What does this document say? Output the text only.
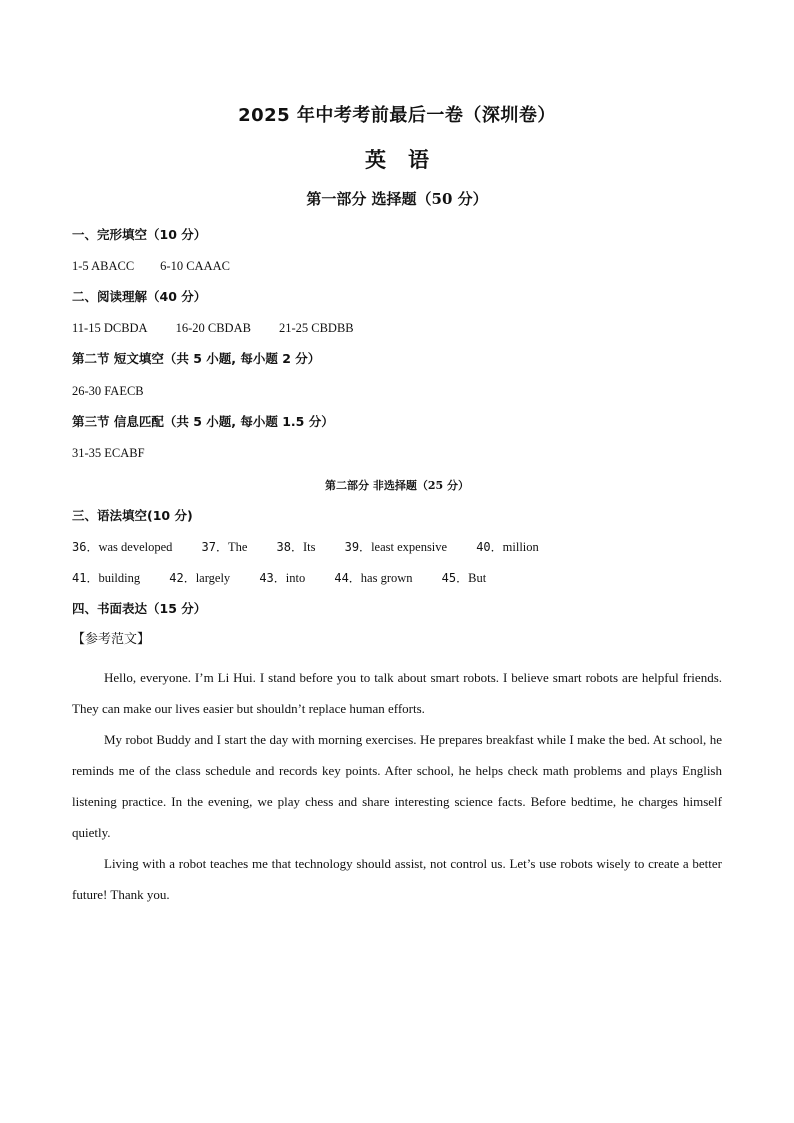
2025 年中考考前最后一卷（深圳卷）
英语
第一部分 选择题（50 分）
一、完形填空（10 分）
1-5 ABACC 6-10 CAAAC
二、阅读理解（40 分）
11-15 DCBDA 16-20 CBDAB 21-25 CBDBB
第二节 短文填空（共 5 小题, 每小题 2 分）
26-30 FAECB
第三节 信息匹配（共 5 小题, 每小题 1.5 分）
31-35 ECABF
第二部分 非选择题（25 分）
三、语法填空(10 分)
36．was developed 37．The 38．Its 39．least expensive 40．million
41．building 42．largely 43．into 44．has grown 45．But
四、书面表达（15 分）
【参考范文】

Hello, everyone. I’m Li Hui. I stand before you to talk about smart robots. I believe smart robots are helpful friends. They can make our lives easier but shouldn’t replace human efforts.

My robot Buddy and I start the day with morning exercises. He prepares breakfast while I make the bed. At school, he reminds me of the class schedule and records key points. After school, he helps check math problems and plays English listening practice. In the evening, we play chess and share interesting science facts. Before bedtime, he charges himself quietly.

Living with a robot teaches me that technology should assist, not control us. Let’s use robots wisely to create a better future! Thank you.
